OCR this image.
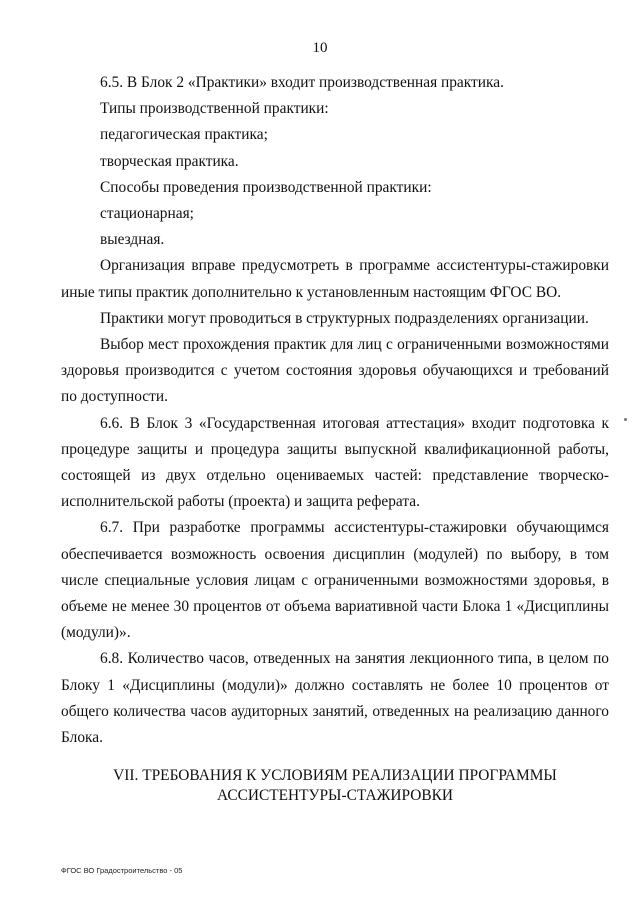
10

6.5. В Блок 2 «Практики» входит производственная практика.

Типы производственной практики:

педагогическая практика;

творческая практика.

Способы проведения производственной практики:

стационарная;

выездная.

Организация вправе предусмотреть в программе ассистентуры-стажировки иные типы практик дополнительно к установленным настоящим ФГОС ВО.

Практики могут проводиться в структурных подразделениях организации.

Выбор мест прохождения практик для лиц с ограниченными возможностями здоровья производится с учетом состояния здоровья обучающихся и требований по доступности.

6.6. В Блок 3 «Государственная итоговая аттестация» входит подготовка к процедуре защиты и процедура защиты выпускной квалификационной работы, состоящей из двух отдельно оцениваемых частей: представление творческо-исполнительской работы (проекта) и защита реферата.

6.7. При разработке программы ассистентуры-стажировки обучающимся обеспечивается возможность освоения дисциплин (модулей) по выбору, в том числе специальные условия лицам с ограниченными возможностями здоровья, в объеме не менее 30 процентов от объема вариативной части Блока 1 «Дисциплины (модули)».

6.8. Количество часов, отведенных на занятия лекционного типа, в целом по Блоку 1 «Дисциплины (модули)» должно составлять не более 10 процентов от общего количества часов аудиторных занятий, отведенных на реализацию данного Блока.

VII. ТРЕБОВАНИЯ К УСЛОВИЯМ РЕАЛИЗАЦИИ ПРОГРАММЫ
АССИСТЕНТУРЫ-СТАЖИРОВКИ
ФГОС ВО Градостроительство - 05
